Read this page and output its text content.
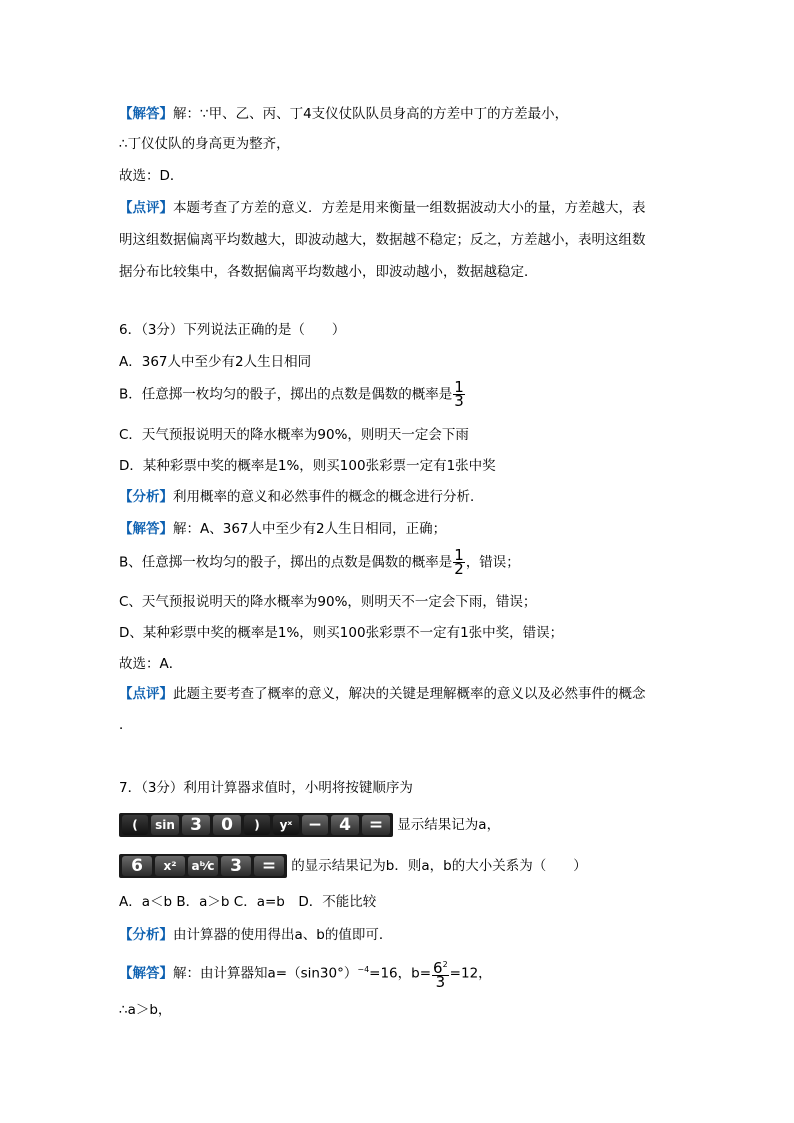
【解答】解：∵甲、乙、丙、丁4支仪仗队队员身高的方差中丁的方差最小，
∴丁仪仗队的身高更为整齐，
故选：D．
【点评】本题考查了方差的意义．方差是用来衡量一组数据波动大小的量，方差越大，表
明这组数据偏离平均数越大，即波动越大，数据越不稳定；反之，方差越小，表明这组数
据分布比较集中，各数据偏离平均数越小，即波动越小，数据越稳定．
6．（3分）下列说法正确的是（　　）
A．367人中至少有2人生日相同
B．任意掷一枚均匀的骰子，掷出的点数是偶数的概率是 $\frac{1}{3}$
C．天气预报说明天的降水概率为90%，则明天一定会下雨
D．某种彩票中奖的概率是1%，则买100张彩票一定有1张中奖
【分析】利用概率的意义和必然事件的概念的概念进行分析．
【解答】解：A、367人中至少有2人生日相同，正确；
B、任意掷一枚均匀的骰子，掷出的点数是偶数的概率是 $\frac{1}{2}$ ，错误；
C、天气预报说明天的降水概率为90%，则明天不一定会下雨，错误；
D、某种彩票中奖的概率是1%，则买100张彩票不一定有1张中奖，错误；
故选：A．
【点评】此题主要考查了概率的意义，解决的关键是理解概率的意义以及必然事件的概念
．
7．（3分）利用计算器求值时，小明将按键顺序为
(	sin 3	0	)	yˣ − 4	=	显示结果记为a，
6	x²	aᵇ⁄c 3	=	的显示结果记为b．则a，b的大小关系为（　　）
A．a＜b B．a＞b C．a=b　D．不能比较
【分析】由计算器的使用得出a、b的值即可．
【解答】解：由计算器知$a=(\sin 30^\circ)^{-4}=16$，$b= \frac{6^2}{3} =12$，
∴a＞b，
